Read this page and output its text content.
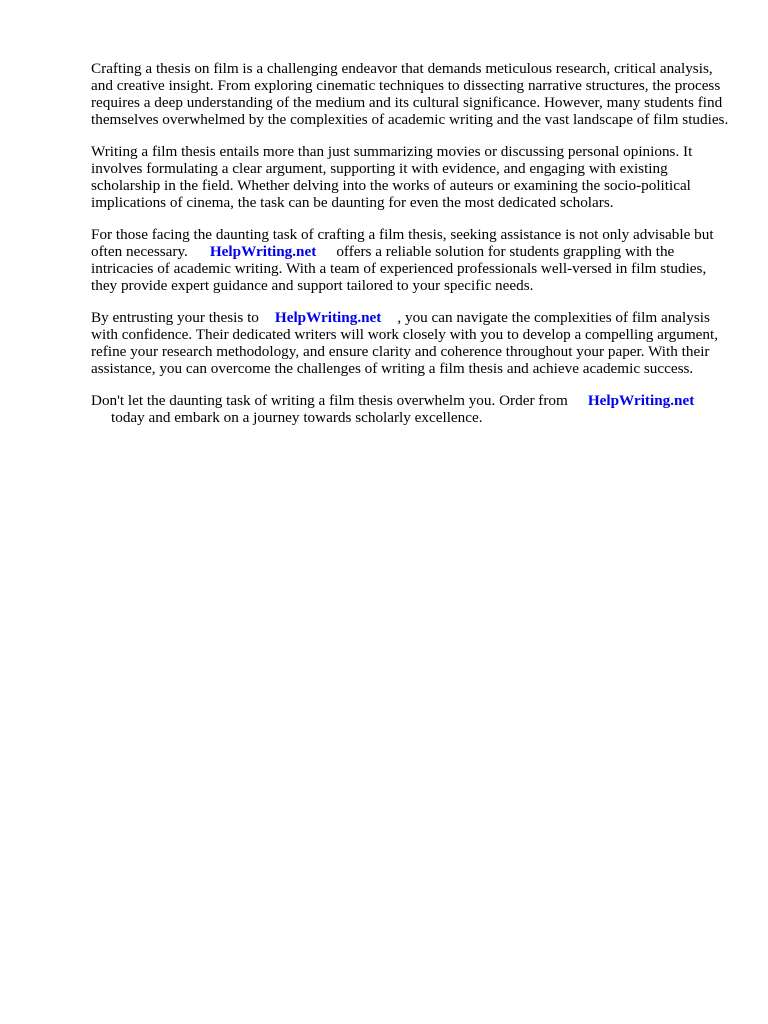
Crafting a thesis on film is a challenging endeavor that demands meticulous research, critical analysis, and creative insight. From exploring cinematic techniques to dissecting narrative structures, the process requires a deep understanding of the medium and its cultural significance. However, many students find themselves overwhelmed by the complexities of academic writing and the vast landscape of film studies.

Writing a film thesis entails more than just summarizing movies or discussing personal opinions. It involves formulating a clear argument, supporting it with evidence, and engaging with existing scholarship in the field. Whether delving into the works of auteurs or examining the socio-political implications of cinema, the task can be daunting for even the most dedicated scholars.

For those facing the daunting task of crafting a film thesis, seeking assistance is not only advisable but often necessary. HelpWriting.net offers a reliable solution for students grappling with the intricacies of academic writing. With a team of experienced professionals well-versed in film studies, they provide expert guidance and support tailored to your specific needs.

By entrusting your thesis to HelpWriting.net , you can navigate the complexities of film analysis with confidence. Their dedicated writers will work closely with you to develop a compelling argument, refine your research methodology, and ensure clarity and coherence throughout your paper. With their assistance, you can overcome the challenges of writing a film thesis and achieve academic success.

Don't let the daunting task of writing a film thesis overwhelm you. Order from HelpWriting.net
today and embark on a journey towards scholarly excellence.
